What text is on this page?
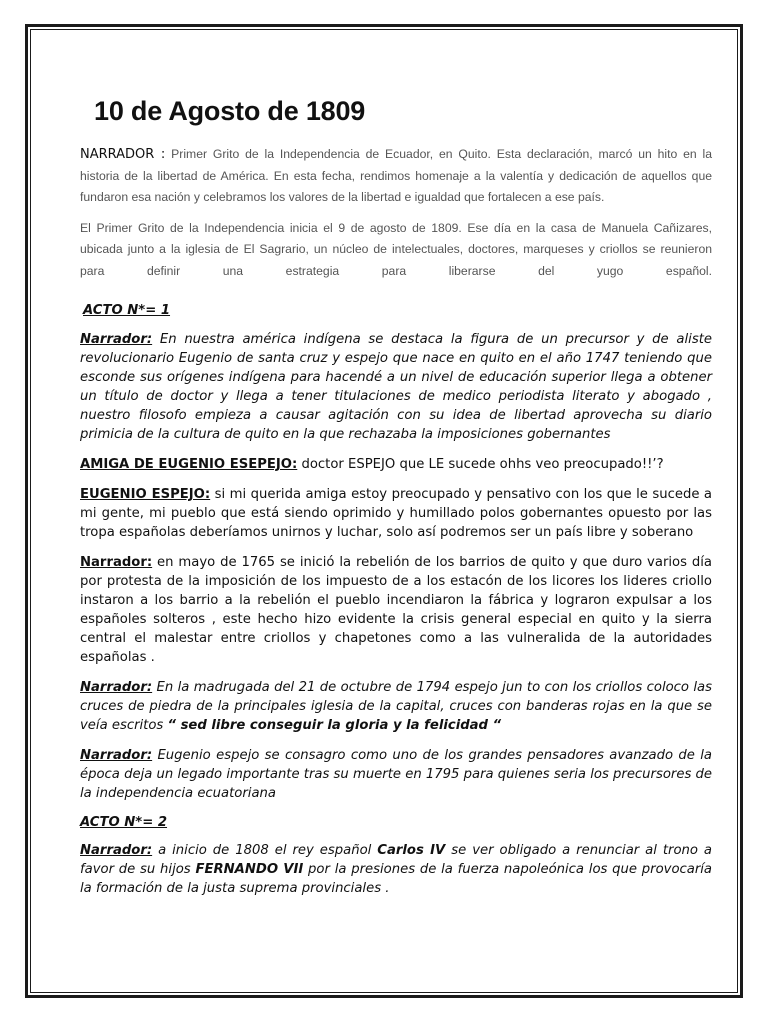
10 de Agosto de 1809

NARRADOR : Primer Grito de la Independencia de Ecuador, en Quito. Esta declaración, marcó un hito en la historia de la libertad de América. En esta fecha, rendimos homenaje a la valentía y dedicación de aquellos que fundaron esa nación y celebramos los valores de la libertad e igualdad que fortalecen a ese país.

El Primer Grito de la Independencia inicia el 9 de agosto de 1809. Ese día en la casa de Manuela Cañizares, ubicada junto a la iglesia de El Sagrario, un núcleo de intelectuales, doctores, marqueses y criollos se reunieron para definir una estrategia para liberarse del yugo español.

ACTO N*= 1

Narrador: En nuestra américa indígena se destaca la figura de un precursor y de aliste revolucionario Eugenio de santa cruz y espejo que nace en quito en el año 1747 teniendo que esconde sus orígenes indígena para hacendé a un nivel de educación superior llega a obtener un título de doctor y llega a tener titulaciones de medico periodista literato y abogado , nuestro filosofo empieza a causar agitación con su idea de libertad aprovecha su diario primicia de la cultura de quito en la que rechazaba la imposiciones gobernantes

AMIGA DE EUGENIO ESEPEJO: doctor ESPEJO que LE sucede ohhs veo preocupado!!’?

EUGENIO ESPEJO: si mi querida amiga estoy preocupado y pensativo con los que le sucede a mi gente, mi pueblo que está siendo oprimido y humillado polos gobernantes opuesto por las tropa españolas deberíamos unirnos y luchar, solo así podremos ser un país libre y soberano

Narrador: en mayo de 1765 se inició la rebelión de los barrios de quito y que duro varios día por protesta de la imposición de los impuesto de a los estacón de los licores los lideres criollo instaron a los barrio a la rebelión el pueblo incendiaron la fábrica y lograron expulsar a los españoles solteros , este hecho hizo evidente la crisis general especial en quito y la sierra central el malestar entre criollos y chapetones como a las vulneralida de la autoridades españolas .

Narrador: En la madrugada del 21 de octubre de 1794 espejo jun to con los criollos coloco las cruces de piedra de la principales iglesia de la capital, cruces con banderas rojas en la que se veía escritos “ sed libre conseguir la gloria y la felicidad “

Narrador: Eugenio espejo se consagro como uno de los grandes pensadores avanzado de la época deja un legado importante tras su muerte en 1795 para quienes seria los precursores de la independencia ecuatoriana

ACTO N*= 2

Narrador: a inicio de 1808 el rey español Carlos IV se ver obligado a renunciar al trono a favor de su hijos FERNANDO VII por la presiones de la fuerza napoleónica los que provocaría la formación de la justa suprema provinciales .
